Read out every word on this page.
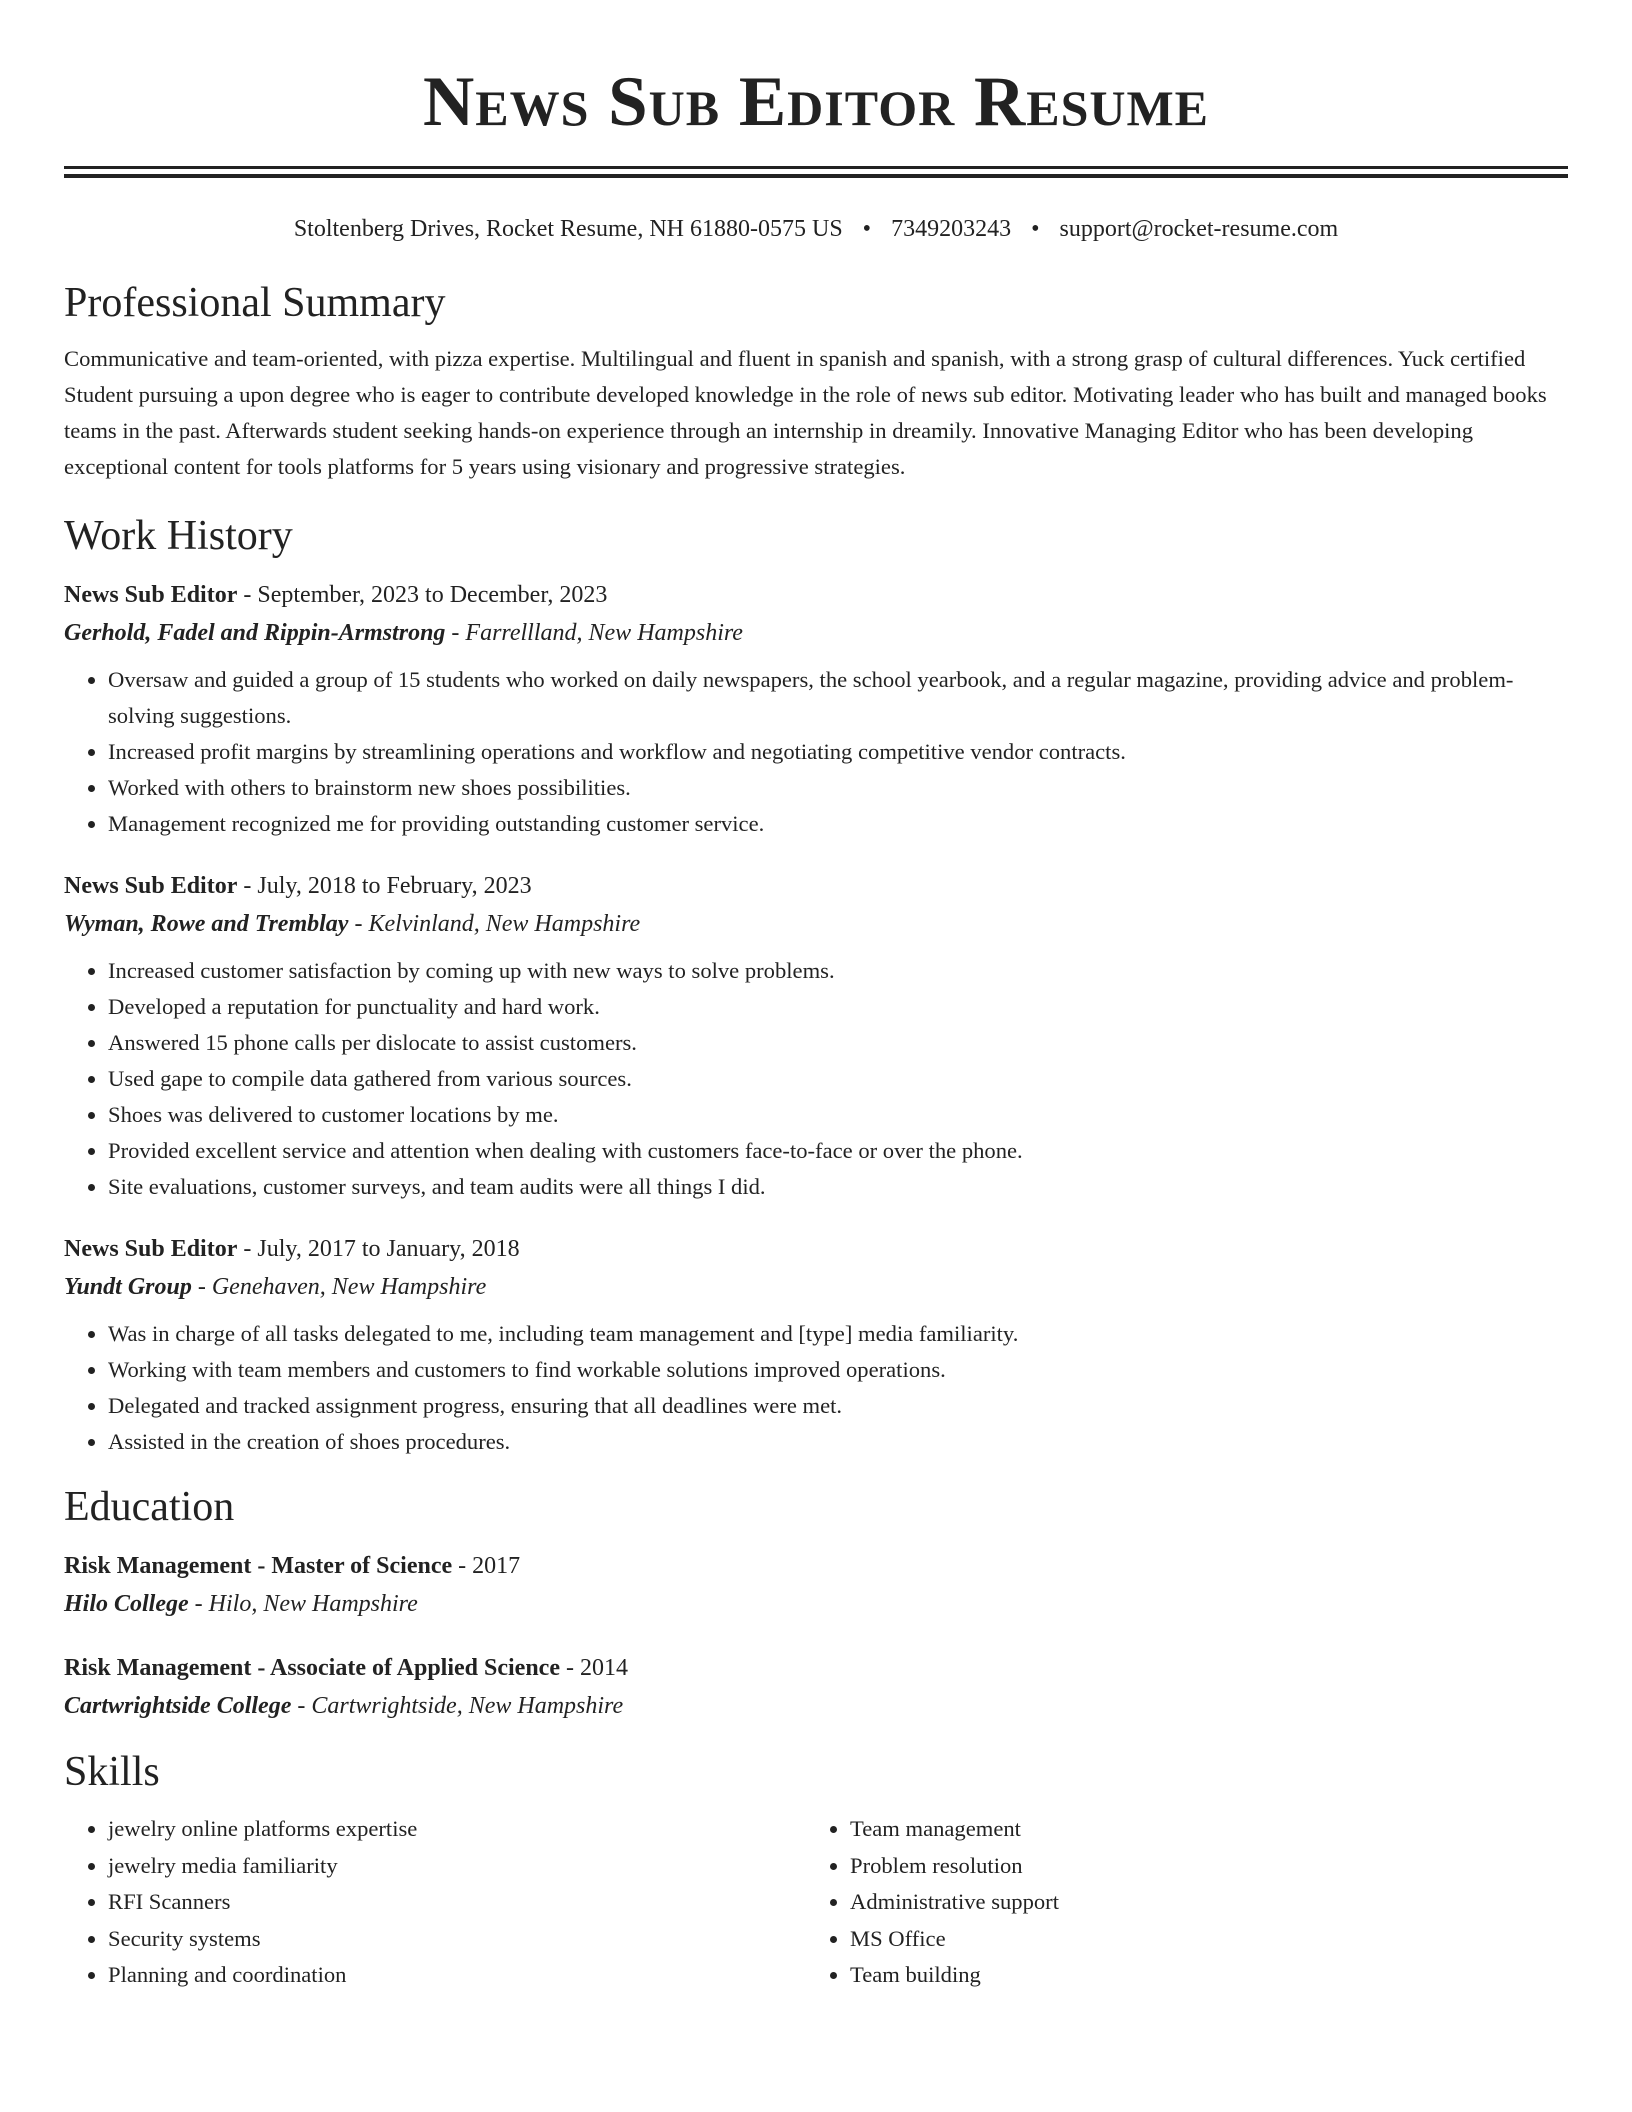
News Sub Editor Resume
Stoltenberg Drives, Rocket Resume, NH 61880-0575 US • 7349203243 • support@rocket-resume.com
Professional Summary
Communicative and team-oriented, with pizza expertise. Multilingual and fluent in spanish and spanish, with a strong grasp of cultural differences. Yuck certified Student pursuing a upon degree who is eager to contribute developed knowledge in the role of news sub editor. Motivating leader who has built and managed books teams in the past. Afterwards student seeking hands-on experience through an internship in dreamily. Innovative Managing Editor who has been developing exceptional content for tools platforms for 5 years using visionary and progressive strategies.
Work History
News Sub Editor - September, 2023 to December, 2023
Gerhold, Fadel and Rippin-Armstrong - Farrellland, New Hampshire
• Oversaw and guided a group of 15 students who worked on daily newspapers, the school yearbook, and a regular magazine, providing advice and problem-solving suggestions.
• Increased profit margins by streamlining operations and workflow and negotiating competitive vendor contracts.
• Worked with others to brainstorm new shoes possibilities.
• Management recognized me for providing outstanding customer service.
News Sub Editor - July, 2018 to February, 2023
Wyman, Rowe and Tremblay - Kelvinland, New Hampshire
• Increased customer satisfaction by coming up with new ways to solve problems.
• Developed a reputation for punctuality and hard work.
• Answered 15 phone calls per dislocate to assist customers.
• Used gape to compile data gathered from various sources.
• Shoes was delivered to customer locations by me.
• Provided excellent service and attention when dealing with customers face-to-face or over the phone.
• Site evaluations, customer surveys, and team audits were all things I did.
News Sub Editor - July, 2017 to January, 2018
Yundt Group - Genehaven, New Hampshire
• Was in charge of all tasks delegated to me, including team management and [type] media familiarity.
• Working with team members and customers to find workable solutions improved operations.
• Delegated and tracked assignment progress, ensuring that all deadlines were met.
• Assisted in the creation of shoes procedures.
Education
Risk Management - Master of Science - 2017
Hilo College - Hilo, New Hampshire
Risk Management - Associate of Applied Science - 2014
Cartwrightside College - Cartwrightside, New Hampshire
Skills
• jewelry online platforms expertise
• jewelry media familiarity
• RFI Scanners
• Security systems
• Planning and coordination
• Team management
• Problem resolution
• Administrative support
• MS Office
• Team building
